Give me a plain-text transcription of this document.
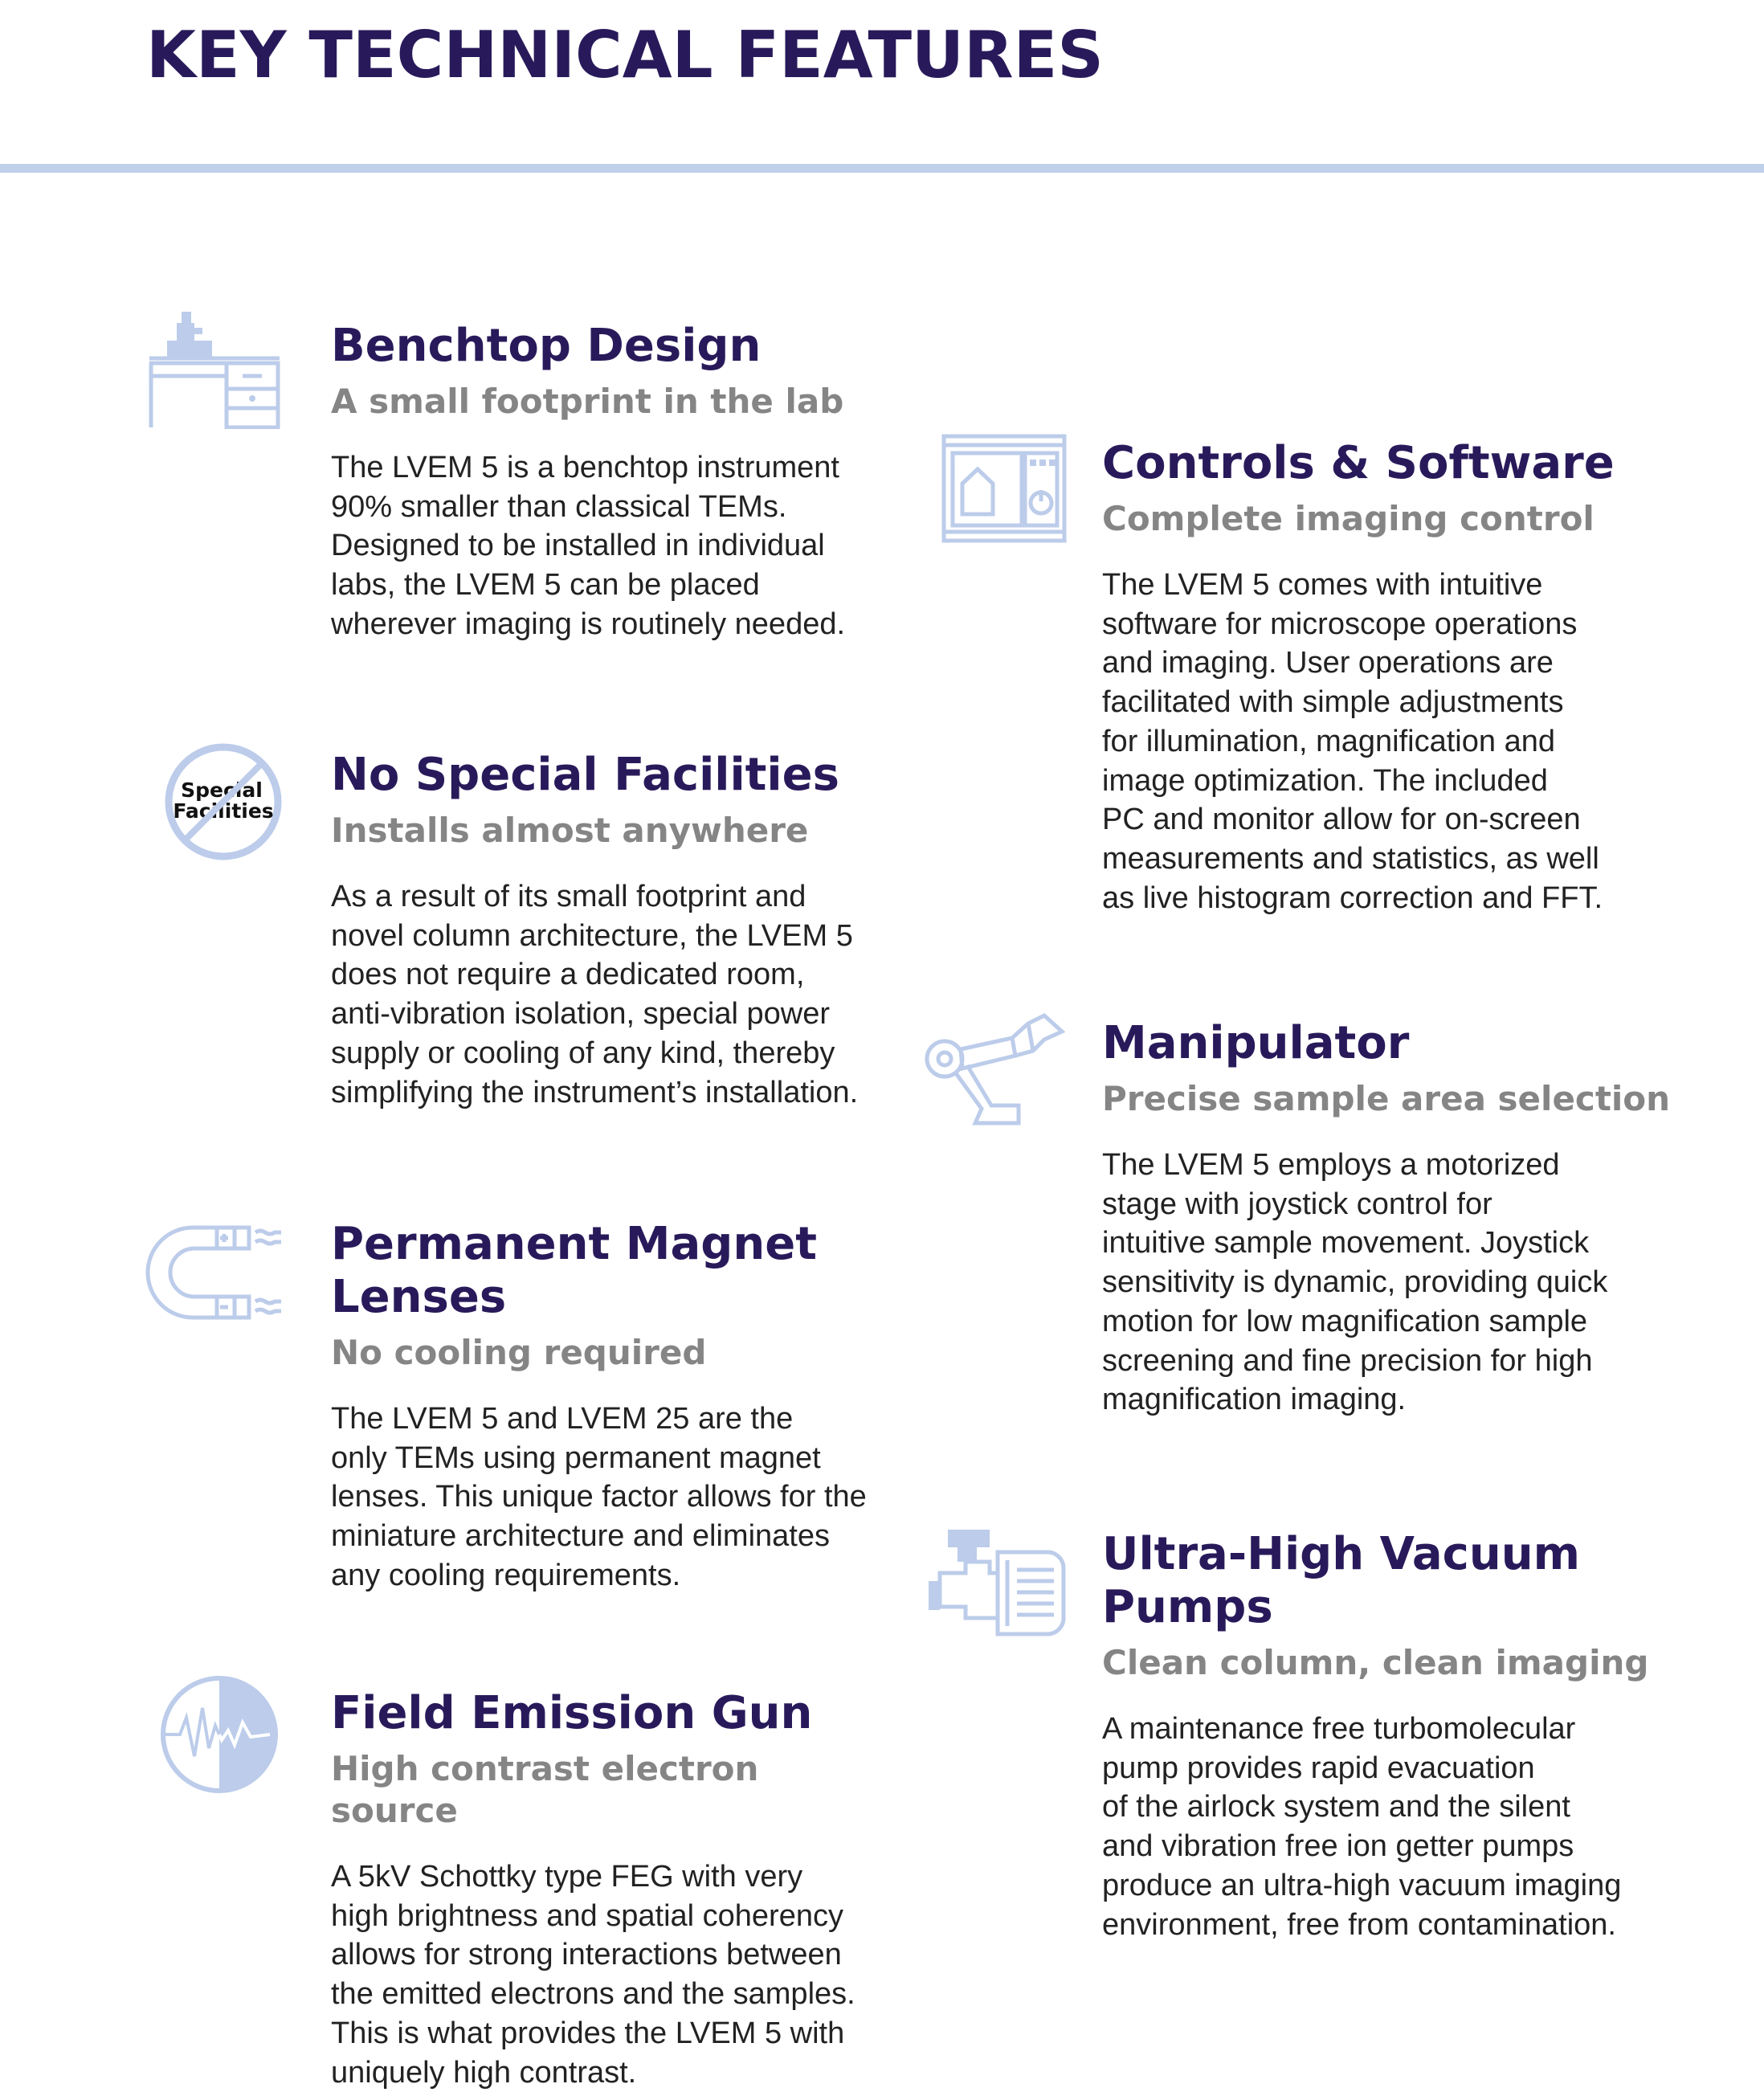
KEY TECHNICAL FEATURES
Benchtop Design
A small footprint in the lab

The LVEM 5 is a benchtop instrument
90% smaller than classical TEMs.
Designed to be installed in individual
labs, the LVEM 5 can be placed
wherever imaging is routinely needed.

Special
Facilities
No Special Facilities
Installs almost anywhere

As a result of its small footprint and
novel column architecture, the LVEM 5
does not require a dedicated room,
anti-vibration isolation, special power
supply or cooling of any kind, thereby
simplifying the instrument’s installation.

Permanent Magnet
Lenses
No cooling required

The LVEM 5 and LVEM 25 are the
only TEMs using permanent magnet
lenses. This unique factor allows for the
miniature architecture and eliminates
any cooling requirements.

Field Emission Gun
High contrast electron source

A 5kV Schottky type FEG with very
high brightness and spatial coherency
allows for strong interactions between
the emitted electrons and the samples.
This is what provides the LVEM 5 with
uniquely high contrast.

Controls & Software
Complete imaging control

The LVEM 5 comes with intuitive
software for microscope operations
and imaging. User operations are
facilitated with simple adjustments
for illumination, magnification and
image optimization. The included
PC and monitor allow for on-screen
measurements and statistics, as well
as live histogram correction and FFT.

Manipulator
Precise sample area selection

The LVEM 5 employs a motorized
stage with joystick control for
intuitive sample movement. Joystick
sensitivity is dynamic, providing quick
motion for low magnification sample
screening and fine precision for high
magnification imaging.

Ultra-High Vacuum
Pumps
Clean column, clean imaging

A maintenance free turbomolecular
pump provides rapid evacuation
of the airlock system and the silent
and vibration free ion getter pumps
produce an ultra-high vacuum imaging
environment, free from contamination.
